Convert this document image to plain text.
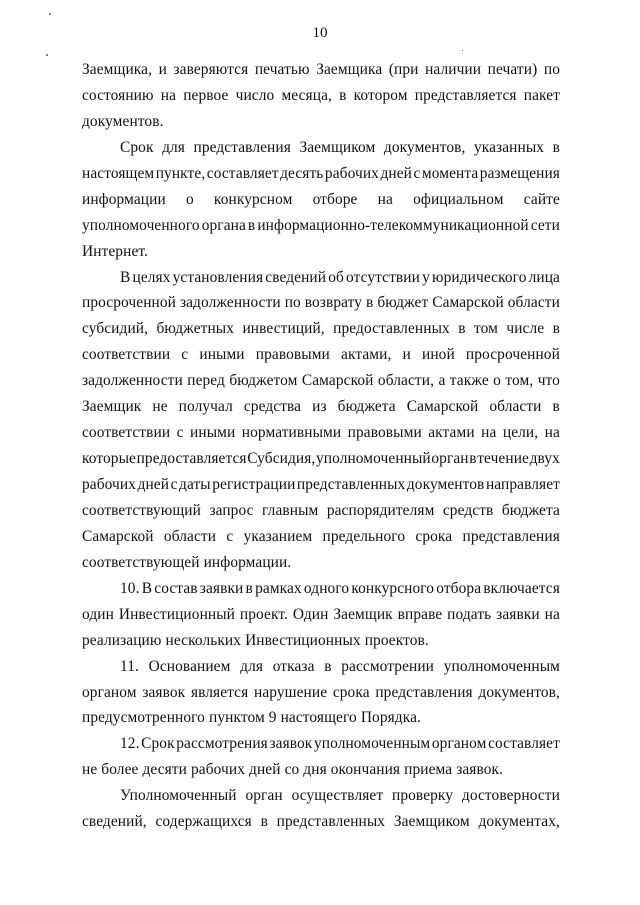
10
Заемщика, и заверяются печатью Заемщика (при наличии печати) по
состоянию на первое число месяца, в котором представляется пакет
документов.
Срок для представления Заемщиком документов, указанных в
настоящем пункте, составляет десять рабочих дней с момента размещения
информации о конкурсном отборе на официальном сайте
уполномоченного органа в информационно-телекоммуникационной сети
Интернет.
В целях установления сведений об отсутствии у юридического лица
просроченной задолженности по возврату в бюджет Самарской области
субсидий, бюджетных инвестиций, предоставленных в том числе в
соответствии с иными правовыми актами, и иной просроченной
задолженности перед бюджетом Самарской области, а также о том, что
Заемщик не получал средства из бюджета Самарской области в
соответствии с иными нормативными правовыми актами на цели, на
которые предоставляется Субсидия, уполномоченный орган в течение двух
рабочих дней с даты регистрации представленных документов направляет
соответствующий запрос главным распорядителям средств бюджета
Самарской области с указанием предельного срока представления
соответствующей информации.
10. В состав заявки в рамках одного конкурсного отбора включается
один Инвестиционный проект. Один Заемщик вправе подать заявки на
реализацию нескольких Инвестиционных проектов.
11. Основанием для отказа в рассмотрении уполномоченным
органом заявок является нарушение срока представления документов,
предусмотренного пунктом 9 настоящего Порядка.
12. Срок рассмотрения заявок уполномоченным органом составляет
не более десяти рабочих дней со дня окончания приема заявок.
Уполномоченный орган осуществляет проверку достоверности
сведений, содержащихся в представленных Заемщиком документах,
